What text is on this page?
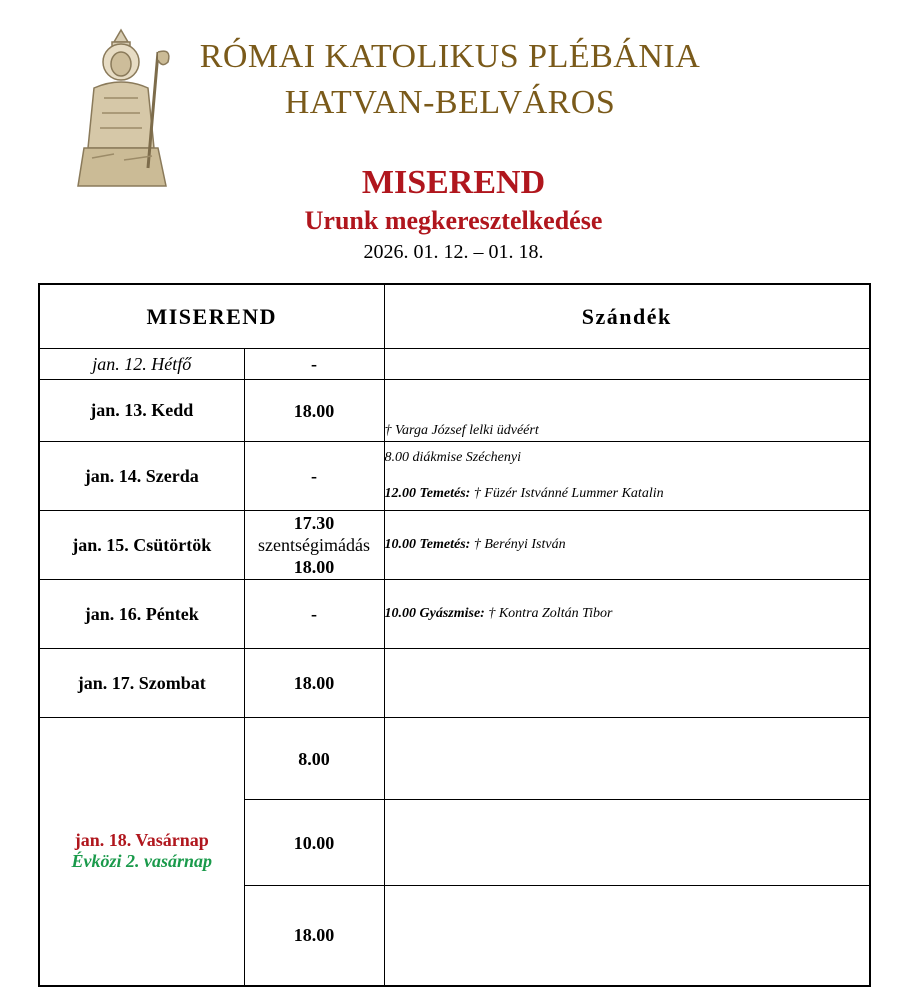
RÓMAI KATOLIKUS PLÉBÁNIA
HATVAN-BELVÁROS
MISEREND
Urunk megkeresztelkedése
2026. 01. 12. – 01. 18.
MISEREND		Szándék
jan. 12. Hétfő	-	
jan. 13. Kedd	18.00	† Varga József lelki üdvéért

jan. 14. Szerda	-	8.00 diákmise Széchenyi
12.00 Temetés: † Füzér Istvánné Lummer Katalin

jan. 15. Csütörtök	17.30
szentségimádás
18.00	10.00 Temetés: † Berényi István

jan. 16. Péntek	-	10.00 Gyászmise: † Kontra Zoltán Tibor

jan. 17. Szombat	18.00	

jan. 18. Vasárnap
Évközi 2. vasárnap	8.00	
	10.00	
	18.00	
